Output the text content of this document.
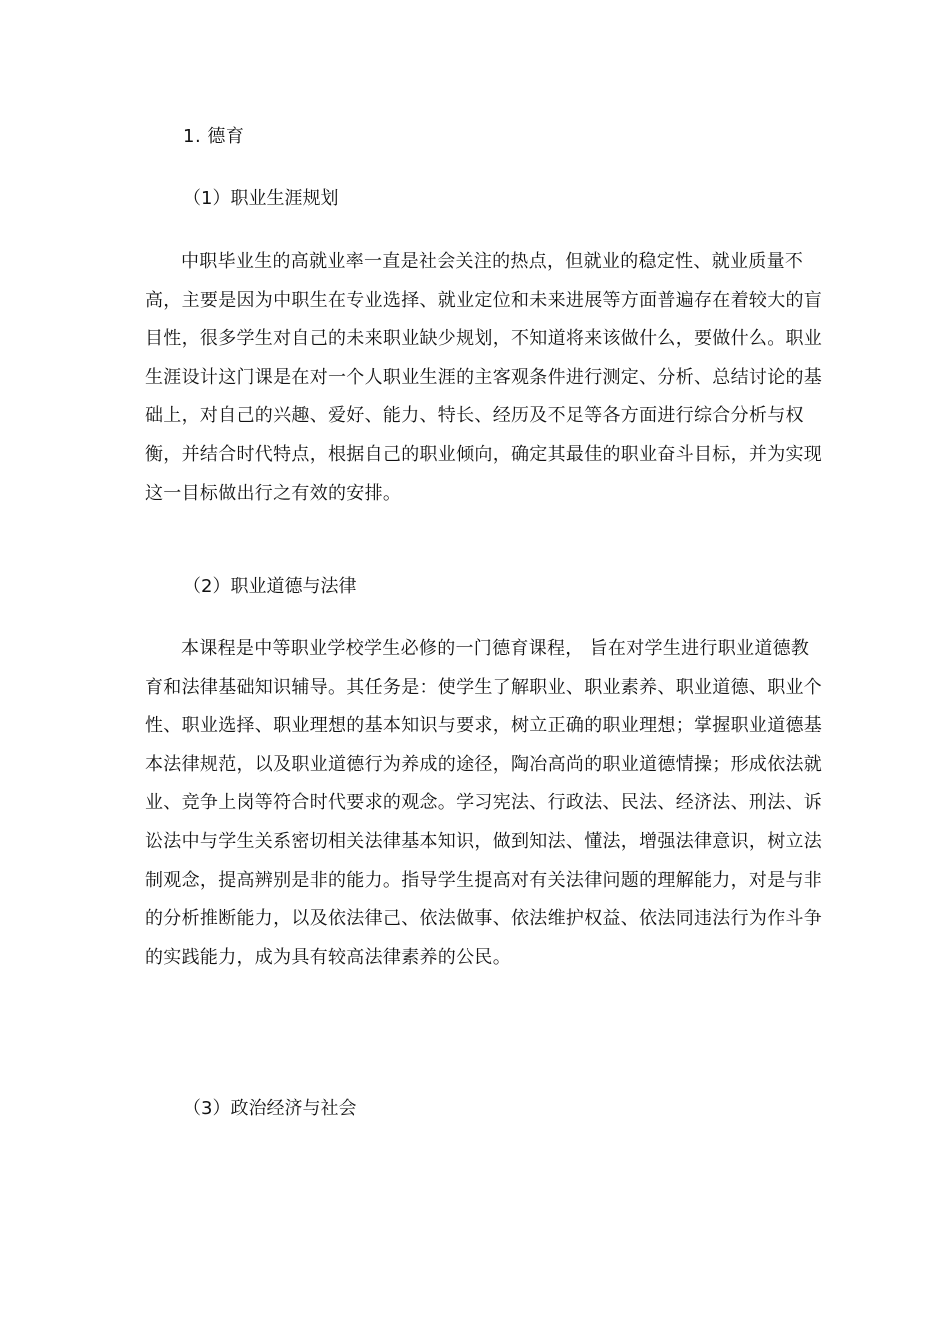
1. 德育
（1）职业生涯规划

中职毕业生的高就业率一直是社会关注的热点，但就业的稳定性、就业质量不高，主要是因为中职生在专业选择、就业定位和未来进展等方面普遍存在着较大的盲目性，很多学生对自己的未来职业缺少规划，不知道将来该做什么，要做什么。职业生涯设计这门课是在对一个人职业生涯的主客观条件进行测定、分析、总结讨论的基础上，对自己的兴趣、爱好、能力、特长、经历及不足等各方面进行综合分析与权衡，并结合时代特点，根据自己的职业倾向，确定其最佳的职业奋斗目标，并为实现这一目标做出行之有效的安排。

（2）职业道德与法律

本课程是中等职业学校学生必修的一门德育课程， 旨在对学生进行职业道德教育和法律基础知识辅导。其任务是：使学生了解职业、职业素养、职业道德、职业个性、职业选择、职业理想的基本知识与要求，树立正确的职业理想；掌握职业道德基本法律规范，以及职业道德行为养成的途径，陶冶高尚的职业道德情操；形成依法就业、竞争上岗等符合时代要求的观念。学习宪法、行政法、民法、经济法、刑法、诉讼法中与学生关系密切相关法律基本知识，做到知法、懂法，增强法律意识，树立法制观念，提高辨别是非的能力。指导学生提高对有关法律问题的理解能力，对是与非的分析推断能力，以及依法律己、依法做事、依法维护权益、依法同违法行为作斗争的实践能力，成为具有较高法律素养的公民。

（3）政治经济与社会
